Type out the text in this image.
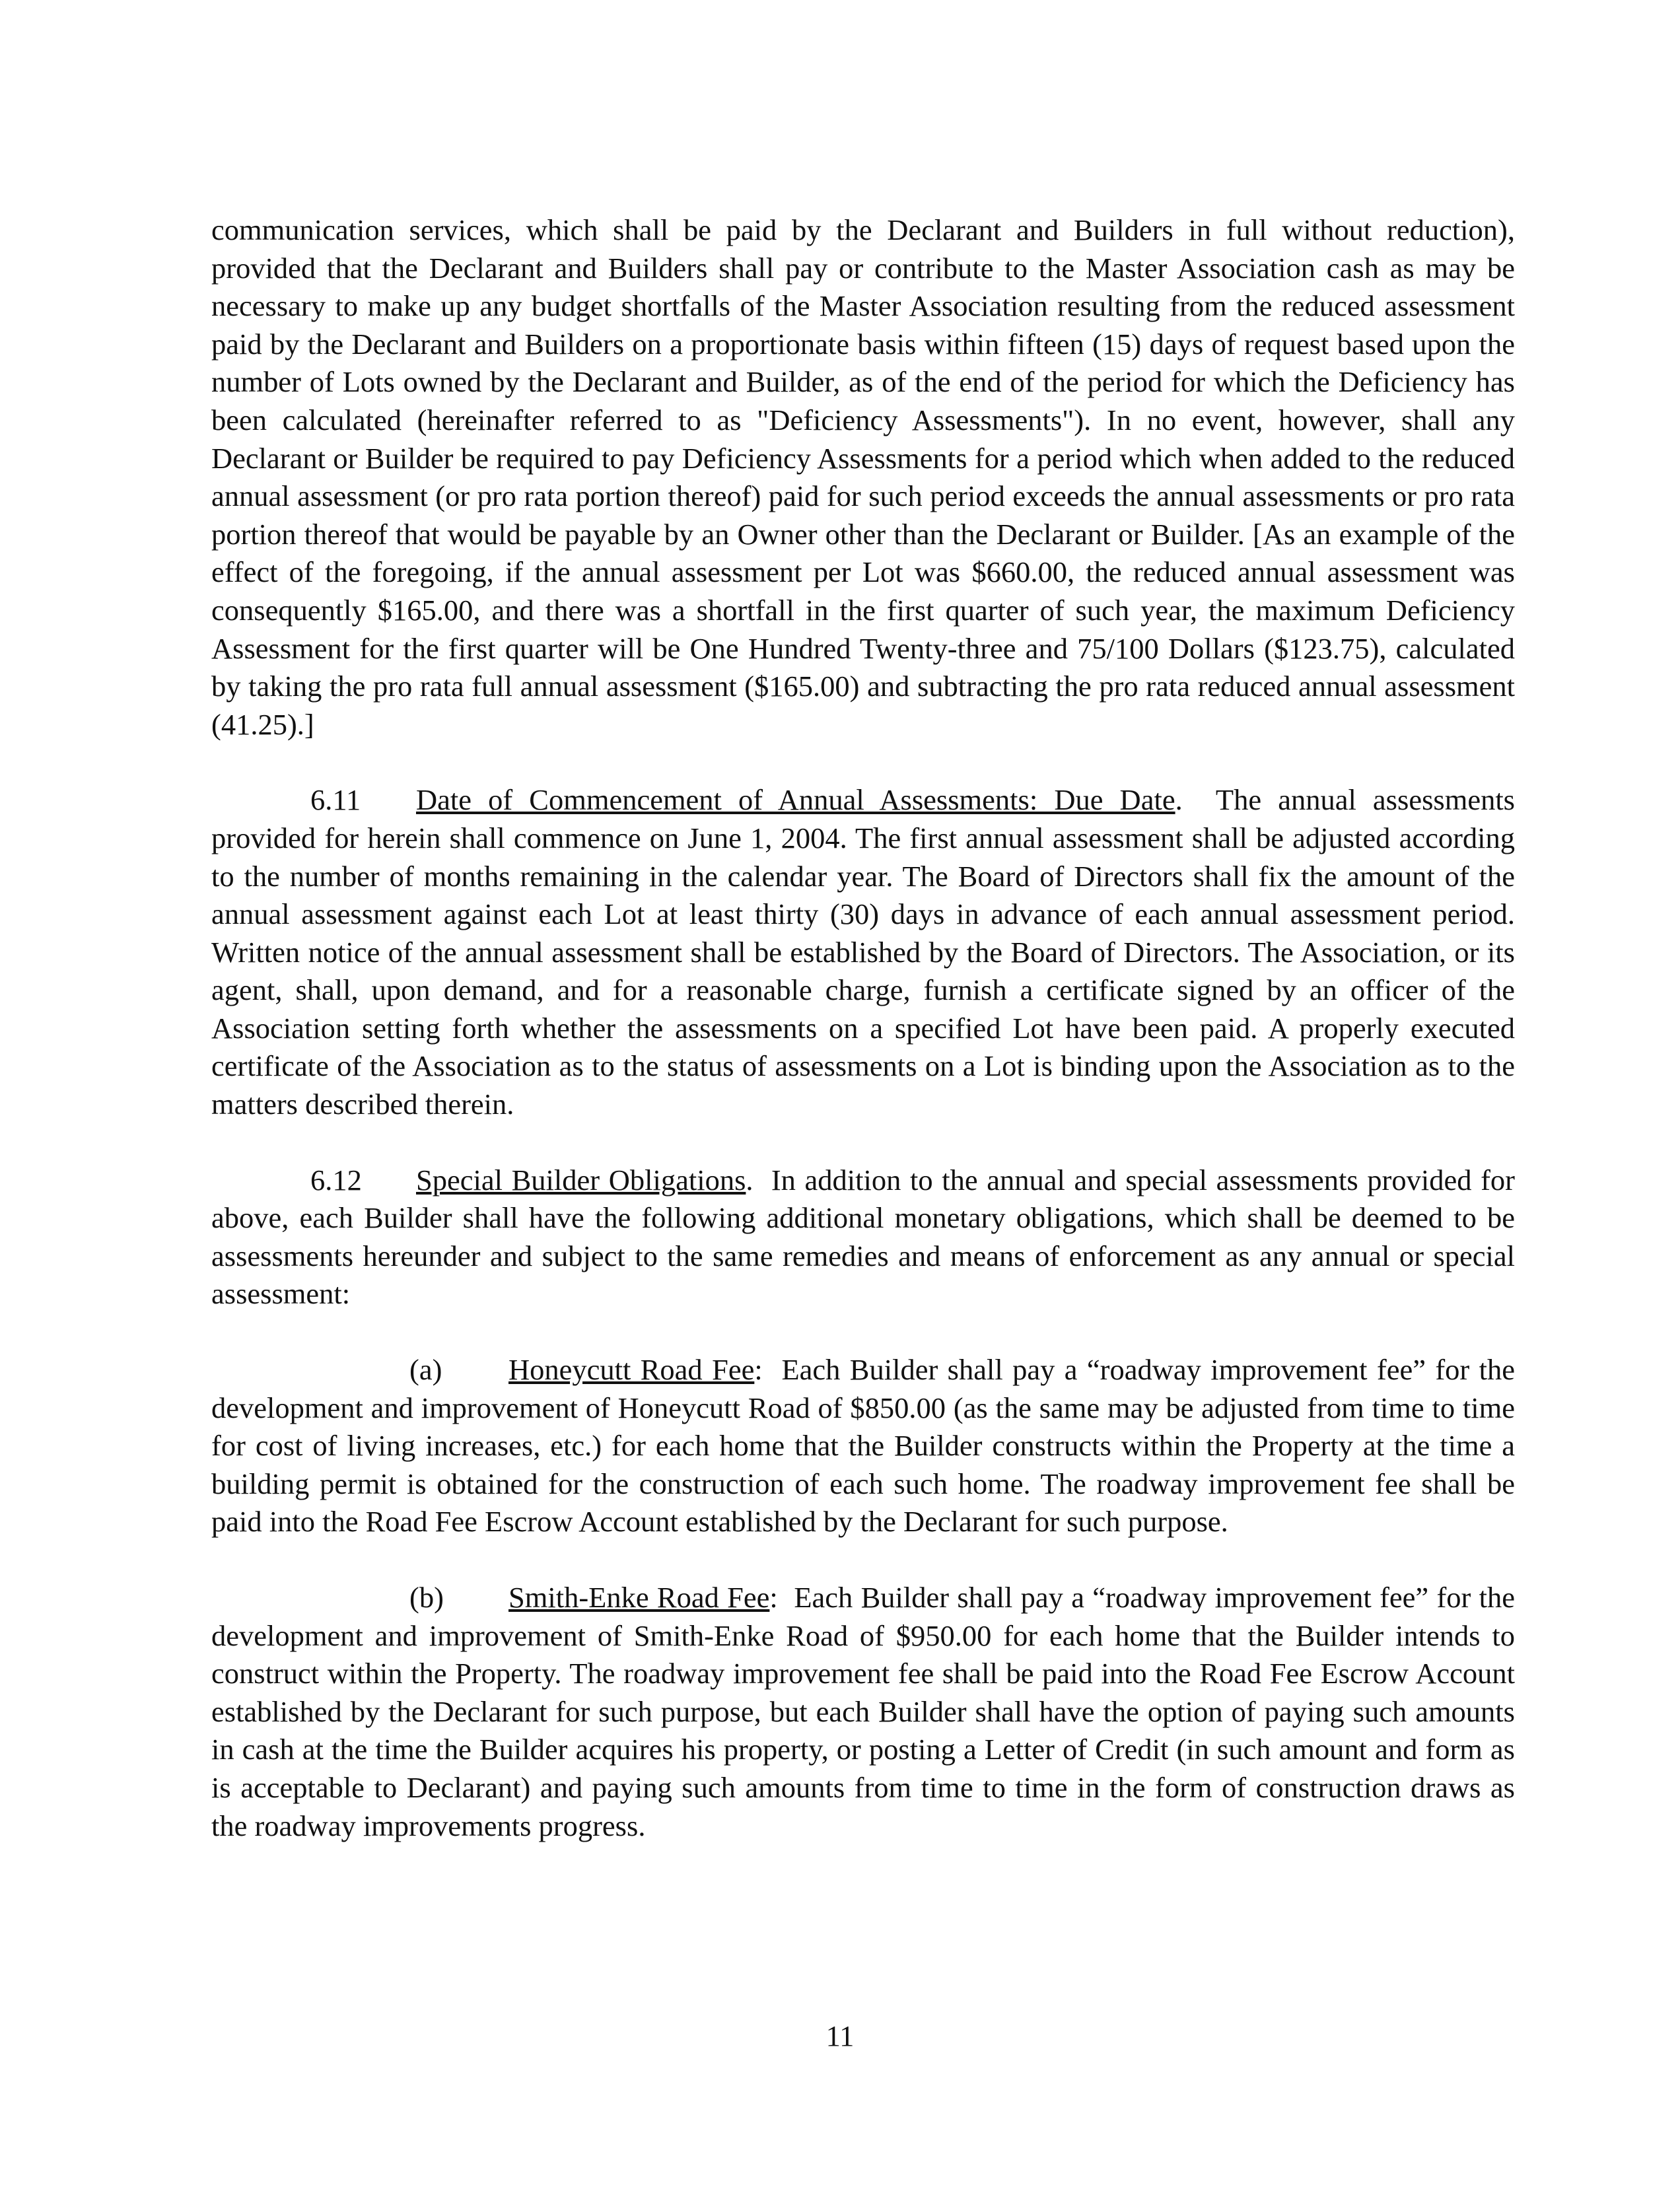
communication services, which shall be paid by the Declarant and Builders in full without reduction), provided that the Declarant and Builders shall pay or contribute to the Master Association cash as may be necessary to make up any budget shortfalls of the Master Association resulting from the reduced assessment paid by the Declarant and Builders on a proportionate basis within fifteen (15) days of request based upon the number of Lots owned by the Declarant and Builder, as of the end of the period for which the Deficiency has been calculated (hereinafter referred to as "Deficiency Assessments"). In no event, however, shall any Declarant or Builder be required to pay Deficiency Assessments for a period which when added to the reduced annual assessment (or pro rata portion thereof) paid for such period exceeds the annual assessments or pro rata portion thereof that would be payable by an Owner other than the Declarant or Builder. [As an example of the effect of the foregoing, if the annual assessment per Lot was $660.00, the reduced annual assessment was consequently $165.00, and there was a shortfall in the first quarter of such year, the maximum Deficiency Assessment for the first quarter will be One Hundred Twenty-three and 75/100 Dollars ($123.75), calculated by taking the pro rata full annual assessment ($165.00) and subtracting the pro rata reduced annual assessment (41.25).]

6.11 Date of Commencement of Annual Assessments: Due Date. The annual assessments provided for herein shall commence on June 1, 2004. The first annual assessment shall be adjusted according to the number of months remaining in the calendar year. The Board of Directors shall fix the amount of the annual assessment against each Lot at least thirty (30) days in advance of each annual assessment period. Written notice of the annual assessment shall be established by the Board of Directors. The Association, or its agent, shall, upon demand, and for a reasonable charge, furnish a certificate signed by an officer of the Association setting forth whether the assessments on a specified Lot have been paid. A properly executed certificate of the Association as to the status of assessments on a Lot is binding upon the Association as to the matters described therein.

6.12 Special Builder Obligations. In addition to the annual and special assessments provided for above, each Builder shall have the following additional monetary obligations, which shall be deemed to be assessments hereunder and subject to the same remedies and means of enforcement as any annual or special assessment:

(a) Honeycutt Road Fee: Each Builder shall pay a “roadway improvement fee” for the development and improvement of Honeycutt Road of $850.00 (as the same may be adjusted from time to time for cost of living increases, etc.) for each home that the Builder constructs within the Property at the time a building permit is obtained for the construction of each such home. The roadway improvement fee shall be paid into the Road Fee Escrow Account established by the Declarant for such purpose.

(b) Smith-Enke Road Fee: Each Builder shall pay a “roadway improvement fee” for the development and improvement of Smith-Enke Road of $950.00 for each home that the Builder intends to construct within the Property. The roadway improvement fee shall be paid into the Road Fee Escrow Account established by the Declarant for such purpose, but each Builder shall have the option of paying such amounts in cash at the time the Builder acquires his property, or posting a Letter of Credit (in such amount and form as is acceptable to Declarant) and paying such amounts from time to time in the form of construction draws as the roadway improvements progress.

11
